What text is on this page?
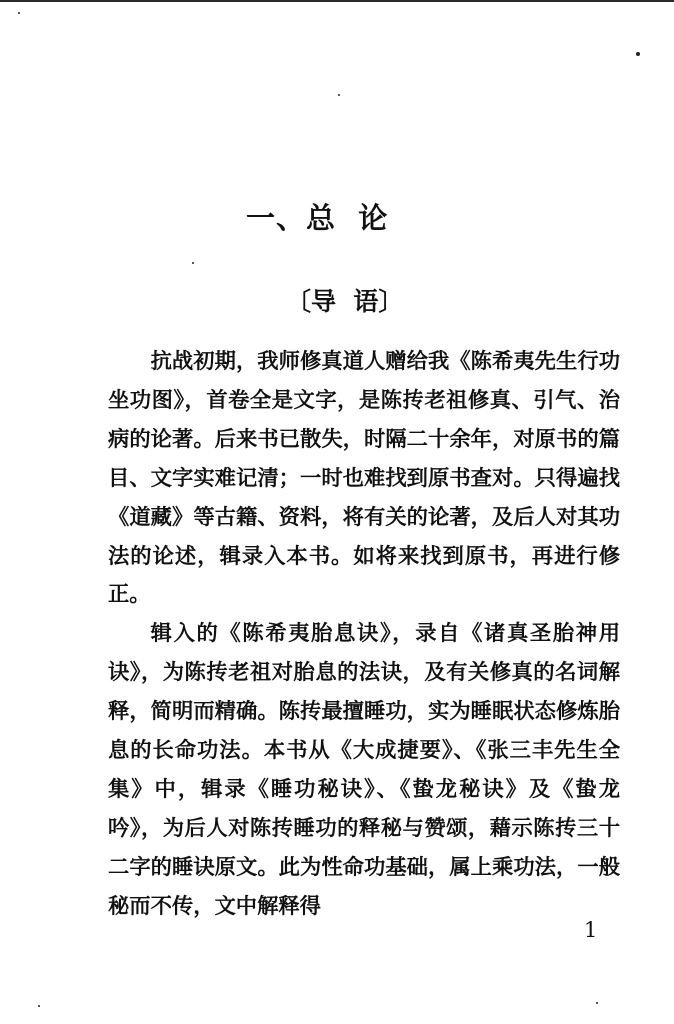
一、总  论
〔导  语〕

抗战初期，我师修真道人赠给我《陈希夷先生行功坐功图》，首卷全是文字，是陈抟老祖修真、引气、治病的论著。后来书已散失，时隔二十余年，对原书的篇目、文字实难记清；一时也难找到原书查对。只得遍找《道藏》等古籍、资料，将有关的论著，及后人对其功法的论述，辑录入本书。如将来找到原书，再进行修正。

辑入的《陈希夷胎息诀》，录自《诸真圣胎神用诀》，为陈抟老祖对胎息的法诀，及有关修真的名词解释，简明而精确。陈抟最擅睡功，实为睡眠状态修炼胎息的长命功法。本书从《大成捷要》、《张三丰先生全集》中，辑录《睡功秘诀》、《蛰龙秘诀》及《蛰龙吟》，为后人对陈抟睡功的释秘与赞颂，藉示陈抟三十二字的睡诀原文。此为性命功基础，属上乘功法，一般秘而不传，文中解释得

1
